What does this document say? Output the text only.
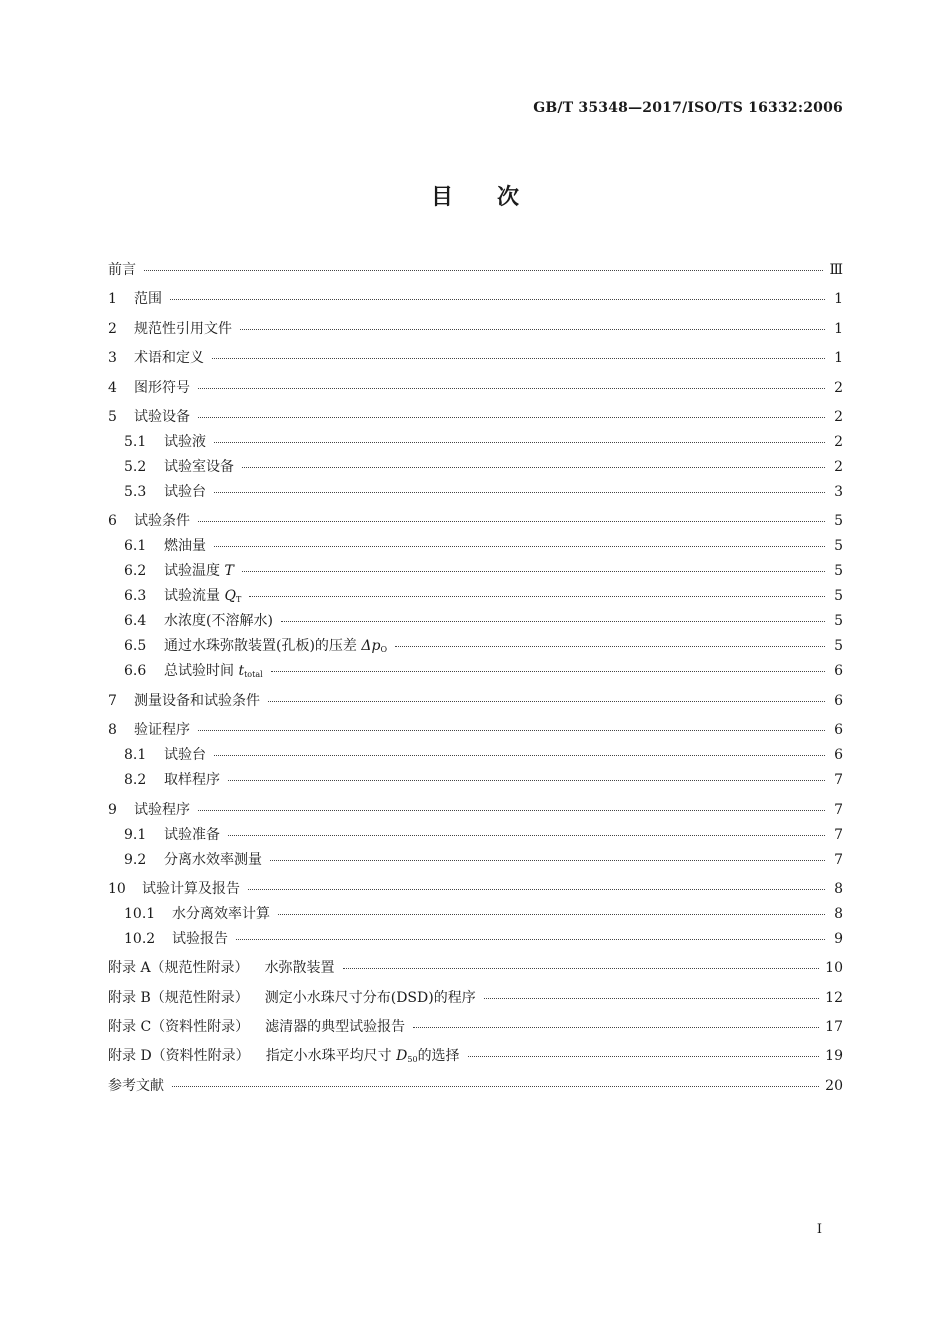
GB/T 35348—2017/ISO/TS 16332:2006
目次
前言	Ⅲ
1	范围	1
2	规范性引用文件	1
3	术语和定义	1
4	图形符号	2
5	试验设备	2
5.1	试验液	2
5.2	试验室设备	2
5.3	试验台	3
6	试验条件	5
6.1	燃油量	5
6.2	试验温度 T	5
6.3	试验流量 $Q_T$	5
6.4	水浓度(不溶解水)	5
6.5	通过水珠弥散装置(孔板)的压差 $\Delta p_O$	5
6.6	总试验时间 $t_{total}$	6
7	测量设备和试验条件	6
8	验证程序	6
8.1	试验台	6
8.2	取样程序	7
9	试验程序	7
9.1	试验准备	7
9.2	分离水效率测量	7
10	试验计算及报告	8
10.1	水分离效率计算	8
10.2	试验报告	9
附录 A（规范性附录）	水弥散装置	10
附录 B（规范性附录）	测定小水珠尺寸分布(DSD)的程序	12
附录 C（资料性附录）	滤清器的典型试验报告	17
附录 D（资料性附录）	指定小水珠平均尺寸 $D_{50}$的选择	19
参考文献	20
I
